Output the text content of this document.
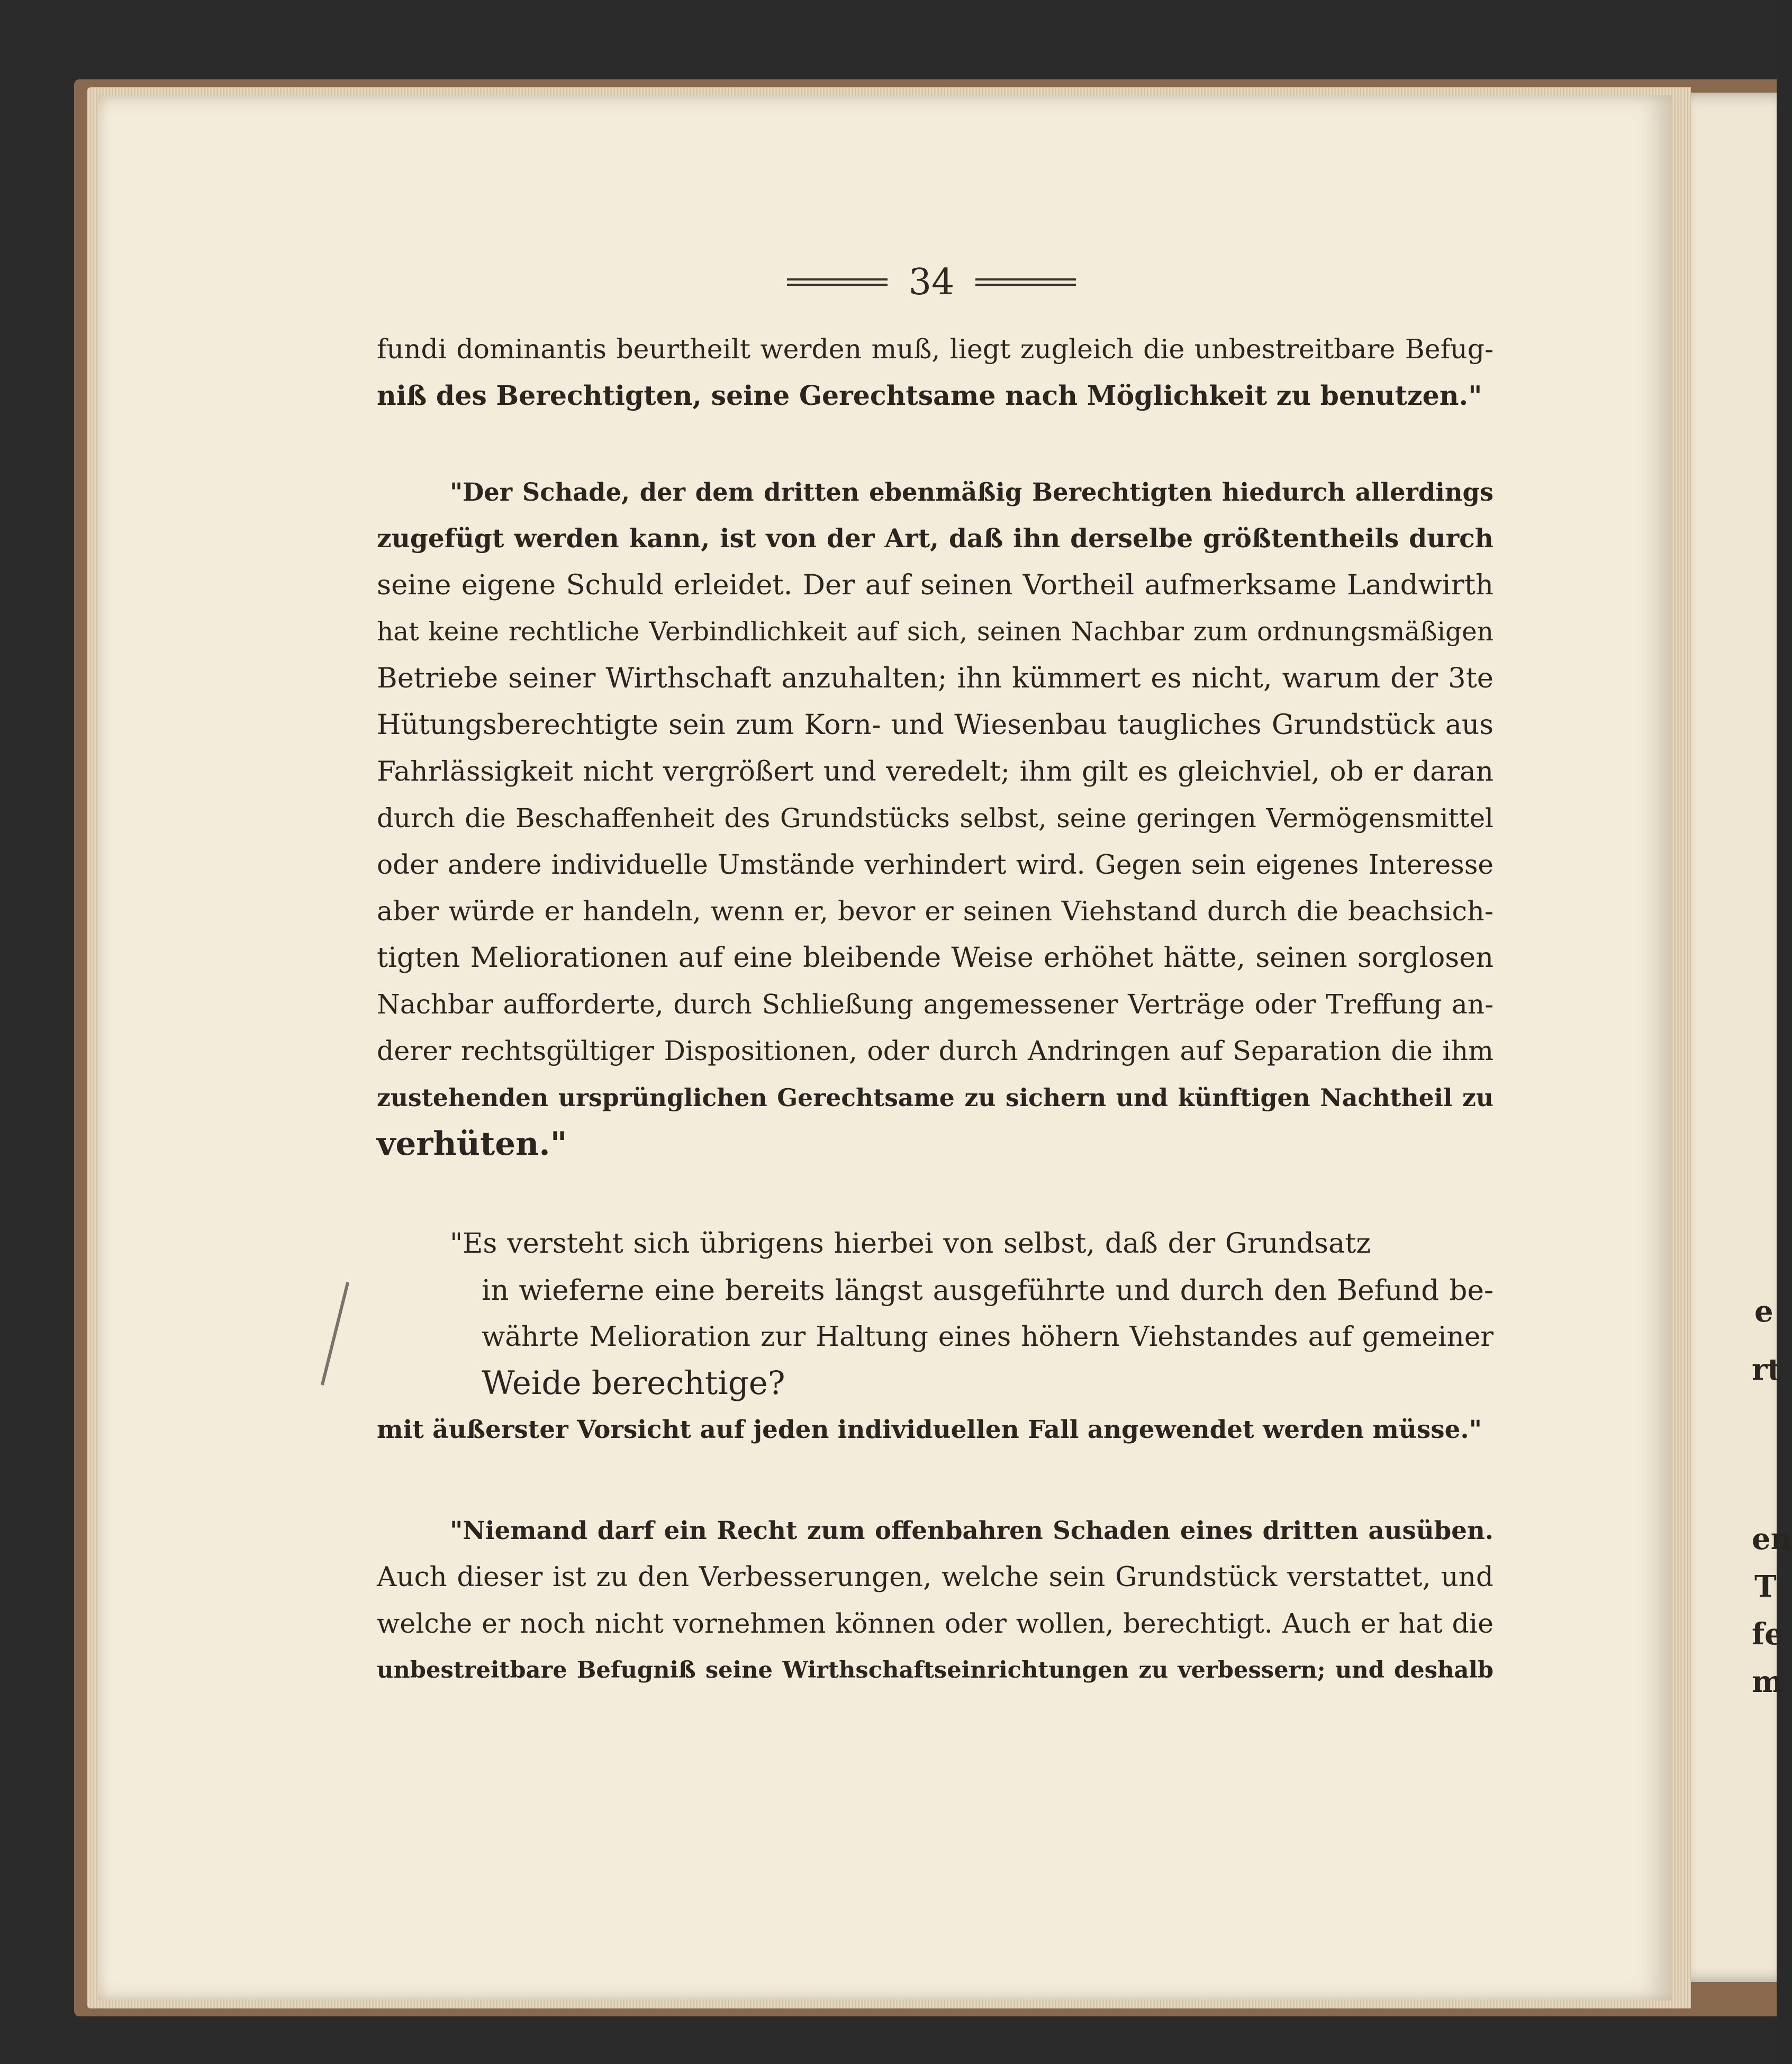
e
rt
en
T
fe
m
34
fundi dominantis beurtheilt werden muß, liegt zugleich die unbestreitbare Befug-
niß des Berechtigten, seine Gerechtsame nach Möglichkeit zu benutzen."
"Der Schade, der dem dritten ebenmäßig Berechtigten hiedurch allerdings
zugefügt werden kann, ist von der Art, daß ihn derselbe größtentheils durch
seine eigene Schuld erleidet. Der auf seinen Vortheil aufmerksame Landwirth
hat keine rechtliche Verbindlichkeit auf sich, seinen Nachbar zum ordnungsmäßigen
Betriebe seiner Wirthschaft anzuhalten; ihn kümmert es nicht, warum der 3te
Hütungsberechtigte sein zum Korn- und Wiesenbau taugliches Grundstück aus
Fahrlässigkeit nicht vergrößert und veredelt; ihm gilt es gleichviel, ob er daran
durch die Beschaffenheit des Grundstücks selbst, seine geringen Vermögensmittel
oder andere individuelle Umstände verhindert wird. Gegen sein eigenes Interesse
aber würde er handeln, wenn er, bevor er seinen Viehstand durch die beachsich-
tigten Meliorationen auf eine bleibende Weise erhöhet hätte, seinen sorglosen
Nachbar aufforderte, durch Schließung angemessener Verträge oder Treffung an-
derer rechtsgültiger Dispositionen, oder durch Andringen auf Separation die ihm
zustehenden ursprünglichen Gerechtsame zu sichern und künftigen Nachtheil zu
verhüten."
"Es versteht sich übrigens hierbei von selbst, daß der Grundsatz
in wieferne eine bereits längst ausgeführte und durch den Befund be-
währte Melioration zur Haltung eines höhern Viehstandes auf gemeiner
Weide berechtige?
mit äußerster Vorsicht auf jeden individuellen Fall angewendet werden müsse."
"Niemand darf ein Recht zum offenbahren Schaden eines dritten ausüben.
Auch dieser ist zu den Verbesserungen, welche sein Grundstück verstattet, und
welche er noch nicht vornehmen können oder wollen, berechtigt. Auch er hat die
unbestreitbare Befugniß seine Wirthschaftseinrichtungen zu verbessern; und deshalb
